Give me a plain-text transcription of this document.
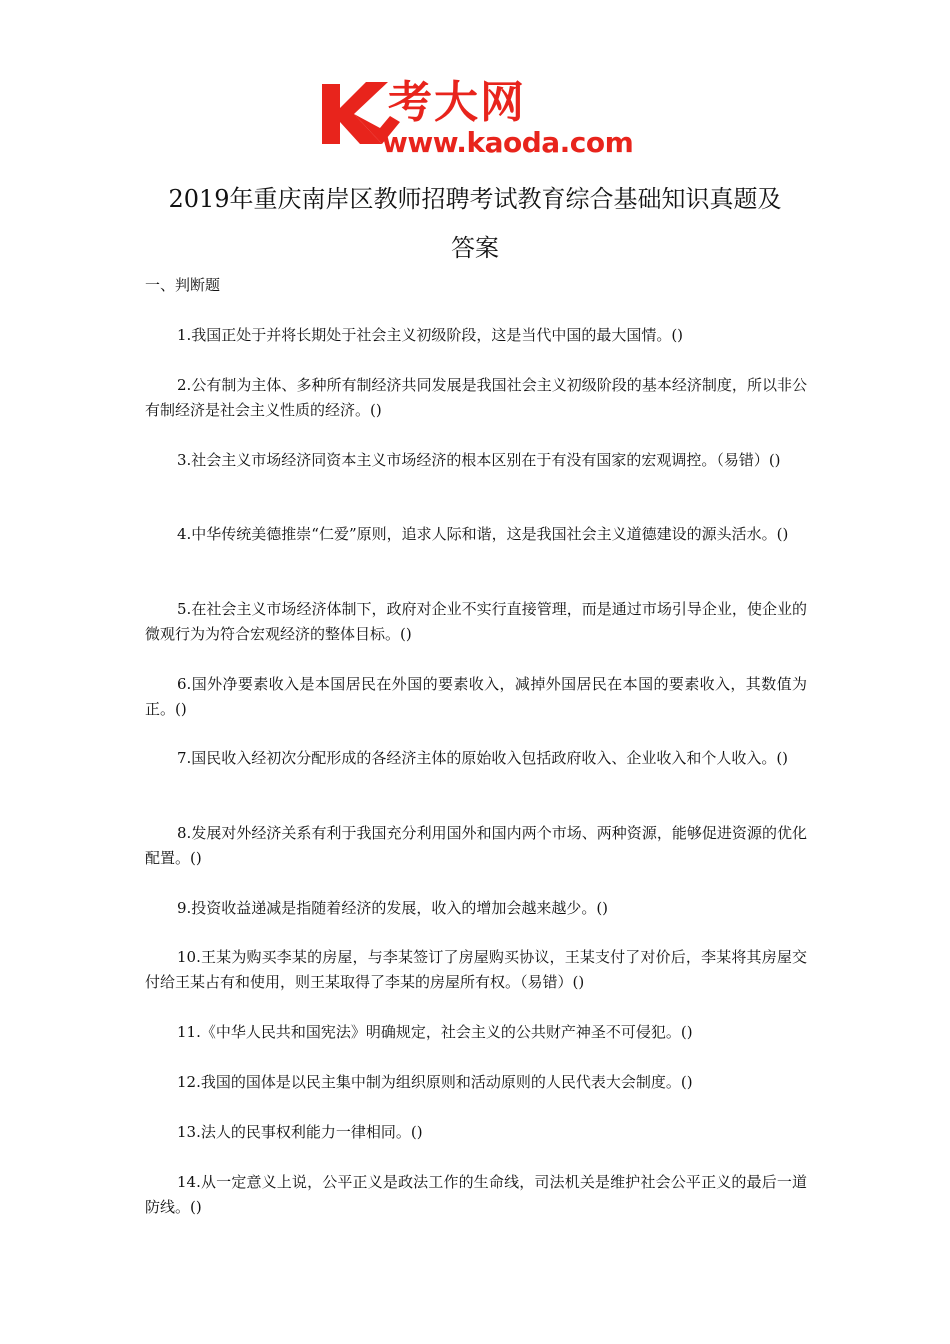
考大网
www.kaoda.com
2019年重庆南岸区教师招聘考试教育综合基础知识真题及
答案
一、判断题

1.我国正处于并将长期处于社会主义初级阶段，这是当代中国的最大国情。()

2.公有制为主体、多种所有制经济共同发展是我国社会主义初级阶段的基本经济制度，所以非公有制经济是社会主义性质的经济。()

3.社会主义市场经济同资本主义市场经济的根本区别在于有没有国家的宏观调控。（易错）()

4.中华传统美德推崇“仁爱”原则，追求人际和谐，这是我国社会主义道德建设的源头活水。()

5.在社会主义市场经济体制下，政府对企业不实行直接管理，而是通过市场引导企业，使企业的微观行为为符合宏观经济的整体目标。()

6.国外净要素收入是本国居民在外国的要素收入，减掉外国居民在本国的要素收入，其数值为正。()

7.国民收入经初次分配形成的各经济主体的原始收入包括政府收入、企业收入和个人收入。()

8.发展对外经济关系有利于我国充分利用国外和国内两个市场、两种资源，能够促进资源的优化配置。()

9.投资收益递减是指随着经济的发展，收入的增加会越来越少。()

10.王某为购买李某的房屋，与李某签订了房屋购买协议，王某支付了对价后，李某将其房屋交付给王某占有和使用，则王某取得了李某的房屋所有权。（易错）()

11.《中华人民共和国宪法》明确规定，社会主义的公共财产神圣不可侵犯。()

12.我国的国体是以民主集中制为组织原则和活动原则的人民代表大会制度。()

13.法人的民事权利能力一律相同。()

14.从一定意义上说，公平正义是政法工作的生命线，司法机关是维护社会公平正义的最后一道防线。()
